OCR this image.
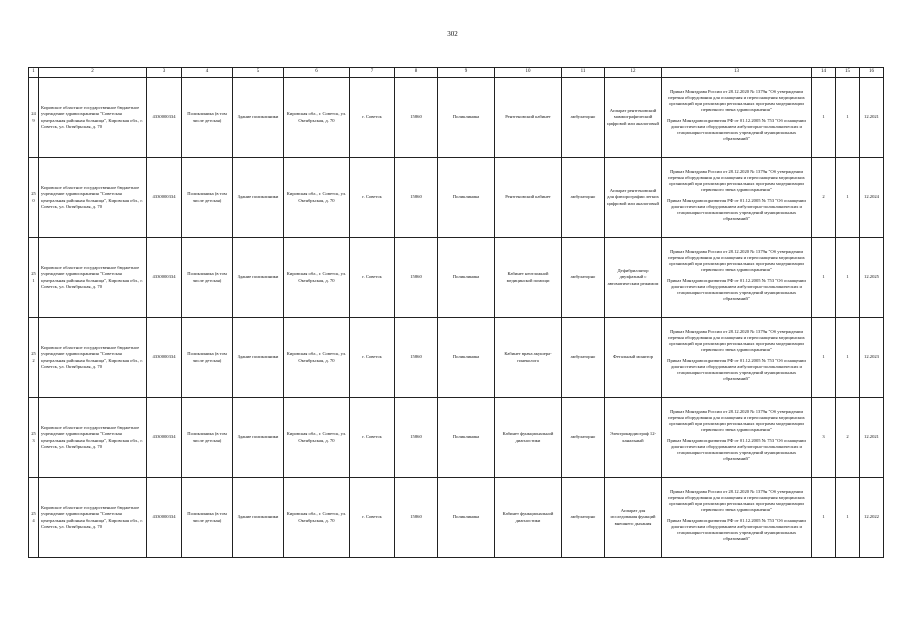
302
1	2	3	4	5	6	7	8	9	10	11	12	13	14	15	16
249	Кировское областное государственное бюджетное учреждение здравоохранения "Советская центральная районная больница", Кировская обл., г. Советск, ул. Октябрьская, д. 70	4330000334	Поликлиника (в том числе детская)	Здание поликлиники	Кировская обл., г. Советск, ул. Октябрьская, д. 70	г. Советск	15860	Поликлиника	Рентгеновский кабинет	амбулаторно	Аппарат рентгеновский маммографический цифровой или аналоговый	Приказ Минздрава России от 28.12.2020 № 1379н "Об утверждении перечня оборудования для оснащения и переоснащения медицинских организаций при реализации региональных программ модернизации первичного звена здравоохранения"
Приказ Минздравсоцразвития РФ от 01.12.2005 № 753 "Об оснащении диагностическим оборудованием амбулаторно-поликлинических и стационарно-поликлинических учреждений муниципальных образований"	1	1	12.2021
250	Кировское областное государственное бюджетное учреждение здравоохранения "Советская центральная районная больница", Кировская обл., г. Советск, ул. Октябрьская, д. 70	4330000334	Поликлиника (в том числе детская)	Здание поликлиники	Кировская обл., г. Советск, ул. Октябрьская, д. 70	г. Советск	15860	Поликлиника	Рентгеновский кабинет	амбулаторно	Аппарат рентгеновский для флюорографии легких цифровой или аналоговый	Приказ Минздрава России от 28.12.2020 № 1379н "Об утверждении перечня оборудования для оснащения и переоснащения медицинских организаций при реализации региональных программ модернизации первичного звена здравоохранения"
Приказ Минздравсоцразвития РФ от 01.12.2005 № 753 "Об оснащении диагностическим оборудованием амбулаторно-поликлинических и стационарно-поликлинических учреждений муниципальных образований"	2	1	12.2024
251	Кировское областное государственное бюджетное учреждение здравоохранения "Советская центральная районная больница", Кировская обл., г. Советск, ул. Октябрьская, д. 70	4330000334	Поликлиника (в том числе детская)	Здание поликлиники	Кировская обл., г. Советск, ул. Октябрьская, д. 70	г. Советск	15860	Поликлиника	Кабинет неотложной медицинской помощи	амбулаторно	Дефибриллятор двухфазный с автоматическим режимом	Приказ Минздрава России от 28.12.2020 № 1379н "Об утверждении перечня оборудования для оснащения и переоснащения медицинских организаций при реализации региональных программ модернизации первичного звена здравоохранения"
Приказ Минздравсоцразвития РФ от 01.12.2005 № 753 "Об оснащении диагностическим оборудованием амбулаторно-поликлинических и стационарно-поликлинических учреждений муниципальных образований"	1	1	12.2025
252	Кировское областное государственное бюджетное учреждение здравоохранения "Советская центральная районная больница", Кировская обл., г. Советск, ул. Октябрьская, д. 70	4330000334	Поликлиника (в том числе детская)	Здание поликлиники	Кировская обл., г. Советск, ул. Октябрьская, д. 70	г. Советск	15860	Поликлиника	Кабинет врача акушера-гинеколога	амбулаторно	Фетальный монитор	Приказ Минздрава России от 28.12.2020 № 1379н "Об утверждении перечня оборудования для оснащения и переоснащения медицинских организаций при реализации региональных программ модернизации первичного звена здравоохранения"
Приказ Минздравсоцразвития РФ от 01.12.2005 № 753 "Об оснащении диагностическим оборудованием амбулаторно-поликлинических и стационарно-поликлинических учреждений муниципальных образований"	1	1	12.2023
253	Кировское областное государственное бюджетное учреждение здравоохранения "Советская центральная районная больница", Кировская обл., г. Советск, ул. Октябрьская, д. 70	4330000334	Поликлиника (в том числе детская)	Здание поликлиники	Кировская обл., г. Советск, ул. Октябрьская, д. 70	г. Советск	15860	Поликлиника	Кабинет функциональной диагностики	амбулаторно	Электрокардиограф 12-канальный	Приказ Минздрава России от 28.12.2020 № 1379н "Об утверждении перечня оборудования для оснащения и переоснащения медицинских организаций при реализации региональных программ модернизации первичного звена здравоохранения"
Приказ Минздравсоцразвития РФ от 01.12.2005 № 753 "Об оснащении диагностическим оборудованием амбулаторно-поликлинических и стационарно-поликлинических учреждений муниципальных образований"	3	2	12.2021
254	Кировское областное государственное бюджетное учреждение здравоохранения "Советская центральная районная больница", Кировская обл., г. Советск, ул. Октябрьская, д. 70	4330000334	Поликлиника (в том числе детская)	Здание поликлиники	Кировская обл., г. Советск, ул. Октябрьская, д. 70	г. Советск	15860	Поликлиника	Кабинет функциональной диагностики	амбулаторно	Аппарат для исследования функций внешнего дыхания	Приказ Минздрава России от 28.12.2020 № 1379н "Об утверждении перечня оборудования для оснащения и переоснащения медицинских организаций при реализации региональных программ модернизации первичного звена здравоохранения"
Приказ Минздравсоцразвития РФ от 01.12.2005 № 753 "Об оснащении диагностическим оборудованием амбулаторно-поликлинических и стационарно-поликлинических учреждений муниципальных образований"	1	1	12.2022
